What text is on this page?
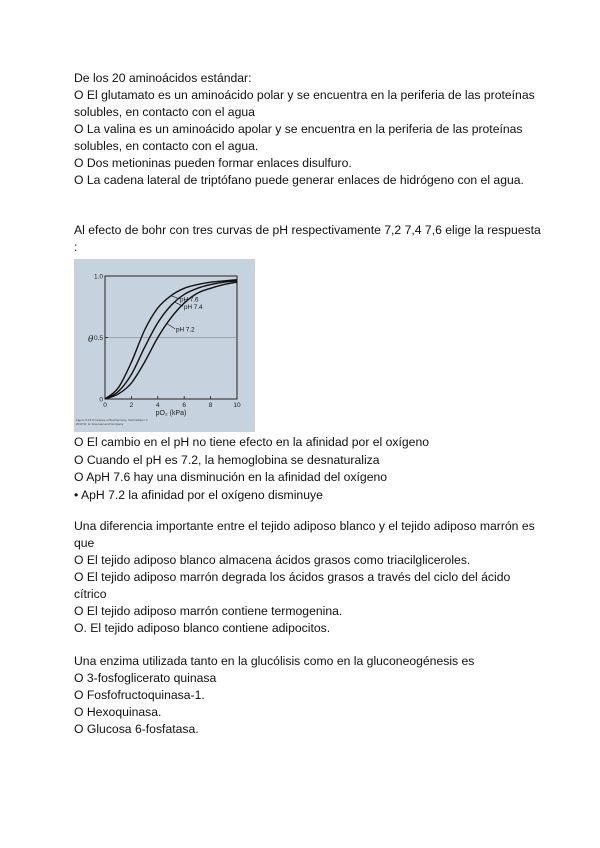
De los 20 aminoácidos estándar:
O El glutamato es un aminoácido polar y se encuentra en la periferia de las proteínas solubles, en contacto con el agua
O La valina es un aminoácido apolar y se encuentra en la periferia de las proteínas solubles, en contacto con el agua.
O Dos metioninas pueden formar enlaces disulfuro.
O La cadena lateral de triptófano puede generar enlaces de hidrógeno con el agua.
Al efecto de bohr con tres curvas de pH respectivamente 7,2 7,4 7,6 elige la respuesta :
0	2	4	6	8	10
0
0.5
1.0
pH 7.6
pH 7.4
pH 7.2
θ
pO₂ (kPa)
Figure 5-16 Principles of Biochemistry, Sixth Edition © 2013 W. H. Freeman and Company
O El cambio en el pH no tiene efecto en la afinidad por el oxígeno
O Cuando el pH es 7.2, la hemoglobina se desnaturaliza
O ApH 7.6 hay una disminución en la afinidad del oxígeno
• ApH 7.2 la afinidad por el oxígeno disminuye
Una diferencia importante entre el tejido adiposo blanco y el tejido adiposo marrón es que
O El tejido adiposo blanco almacena ácidos grasos como triacilgliceroles.
O El tejido adiposo marrón degrada los ácidos grasos a través del ciclo del ácido cítrico
O El tejido adiposo marrón contiene termogenina.
O. El tejido adiposo blanco contiene adipocitos.
Una enzima utilizada tanto en la glucólisis como en la gluconeogénesis es
O 3-fosfoglicerato quinasa
O Fosfofructoquinasa-1.
O Hexoquinasa.
O Glucosa 6-fosfatasa.
